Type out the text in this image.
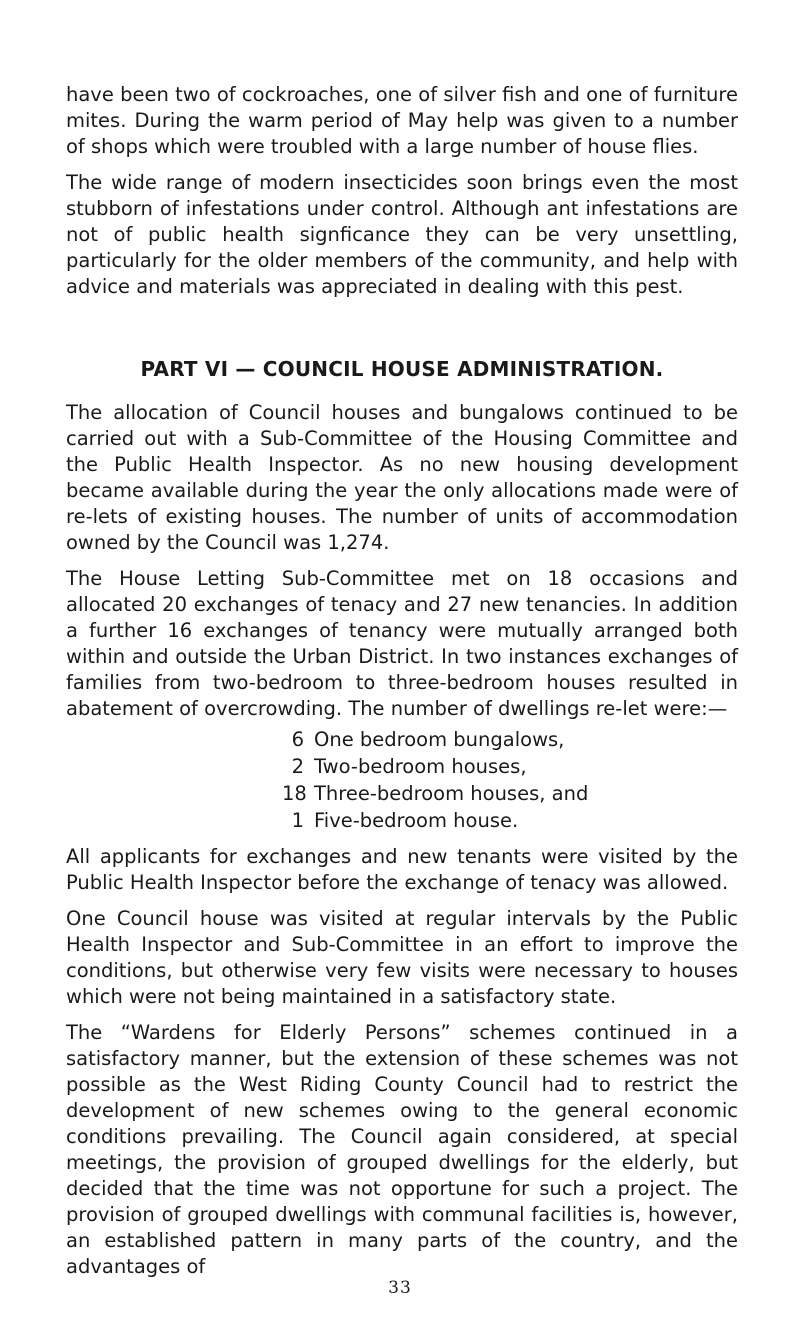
have been two of cockroaches, one of silver fish and one of furniture mites. During the warm period of May help was given to a number of shops which were troubled with a large number of house flies.

The wide range of modern insecticides soon brings even the most stubborn of infestations under control. Although ant infestations are not of public health signficance they can be very unsettling, particularly for the older members of the community, and help with advice and materials was appreciated in dealing with this pest.

PART VI — COUNCIL HOUSE ADMINISTRATION.

The allocation of Council houses and bungalows continued to be carried out with a Sub-Committee of the Housing Committee and the Public Health Inspector. As no new housing development became available during the year the only allocations made were of re-lets of existing houses. The number of units of accommodation owned by the Council was 1,274.

The House Letting Sub-Committee met on 18 occasions and allocated 20 exchanges of tenacy and 27 new tenancies. In addition a further 16 exchanges of tenancy were mutually arranged both within and outside the Urban District. In two instances exchanges of families from two-bedroom to three-bedroom houses resulted in abatement of overcrowding. The number of dwellings re-let were:—

6 One bedroom bungalows,
2 Two-bedroom houses,
18 Three-bedroom houses, and
1 Five-bedroom house.

All applicants for exchanges and new tenants were visited by the Public Health Inspector before the exchange of tenacy was allowed.

One Council house was visited at regular intervals by the Public Health Inspector and Sub-Committee in an effort to improve the conditions, but otherwise very few visits were necessary to houses which were not being maintained in a satisfactory state.

The “Wardens for Elderly Persons” schemes continued in a satisfactory manner, but the extension of these schemes was not possible as the West Riding County Council had to restrict the development of new schemes owing to the general economic conditions prevailing. The Council again considered, at special meetings, the provision of grouped dwellings for the elderly, but decided that the time was not opportune for such a project. The provision of grouped dwellings with communal facilities is, however, an established pattern in many parts of the country, and the advantages of

33
